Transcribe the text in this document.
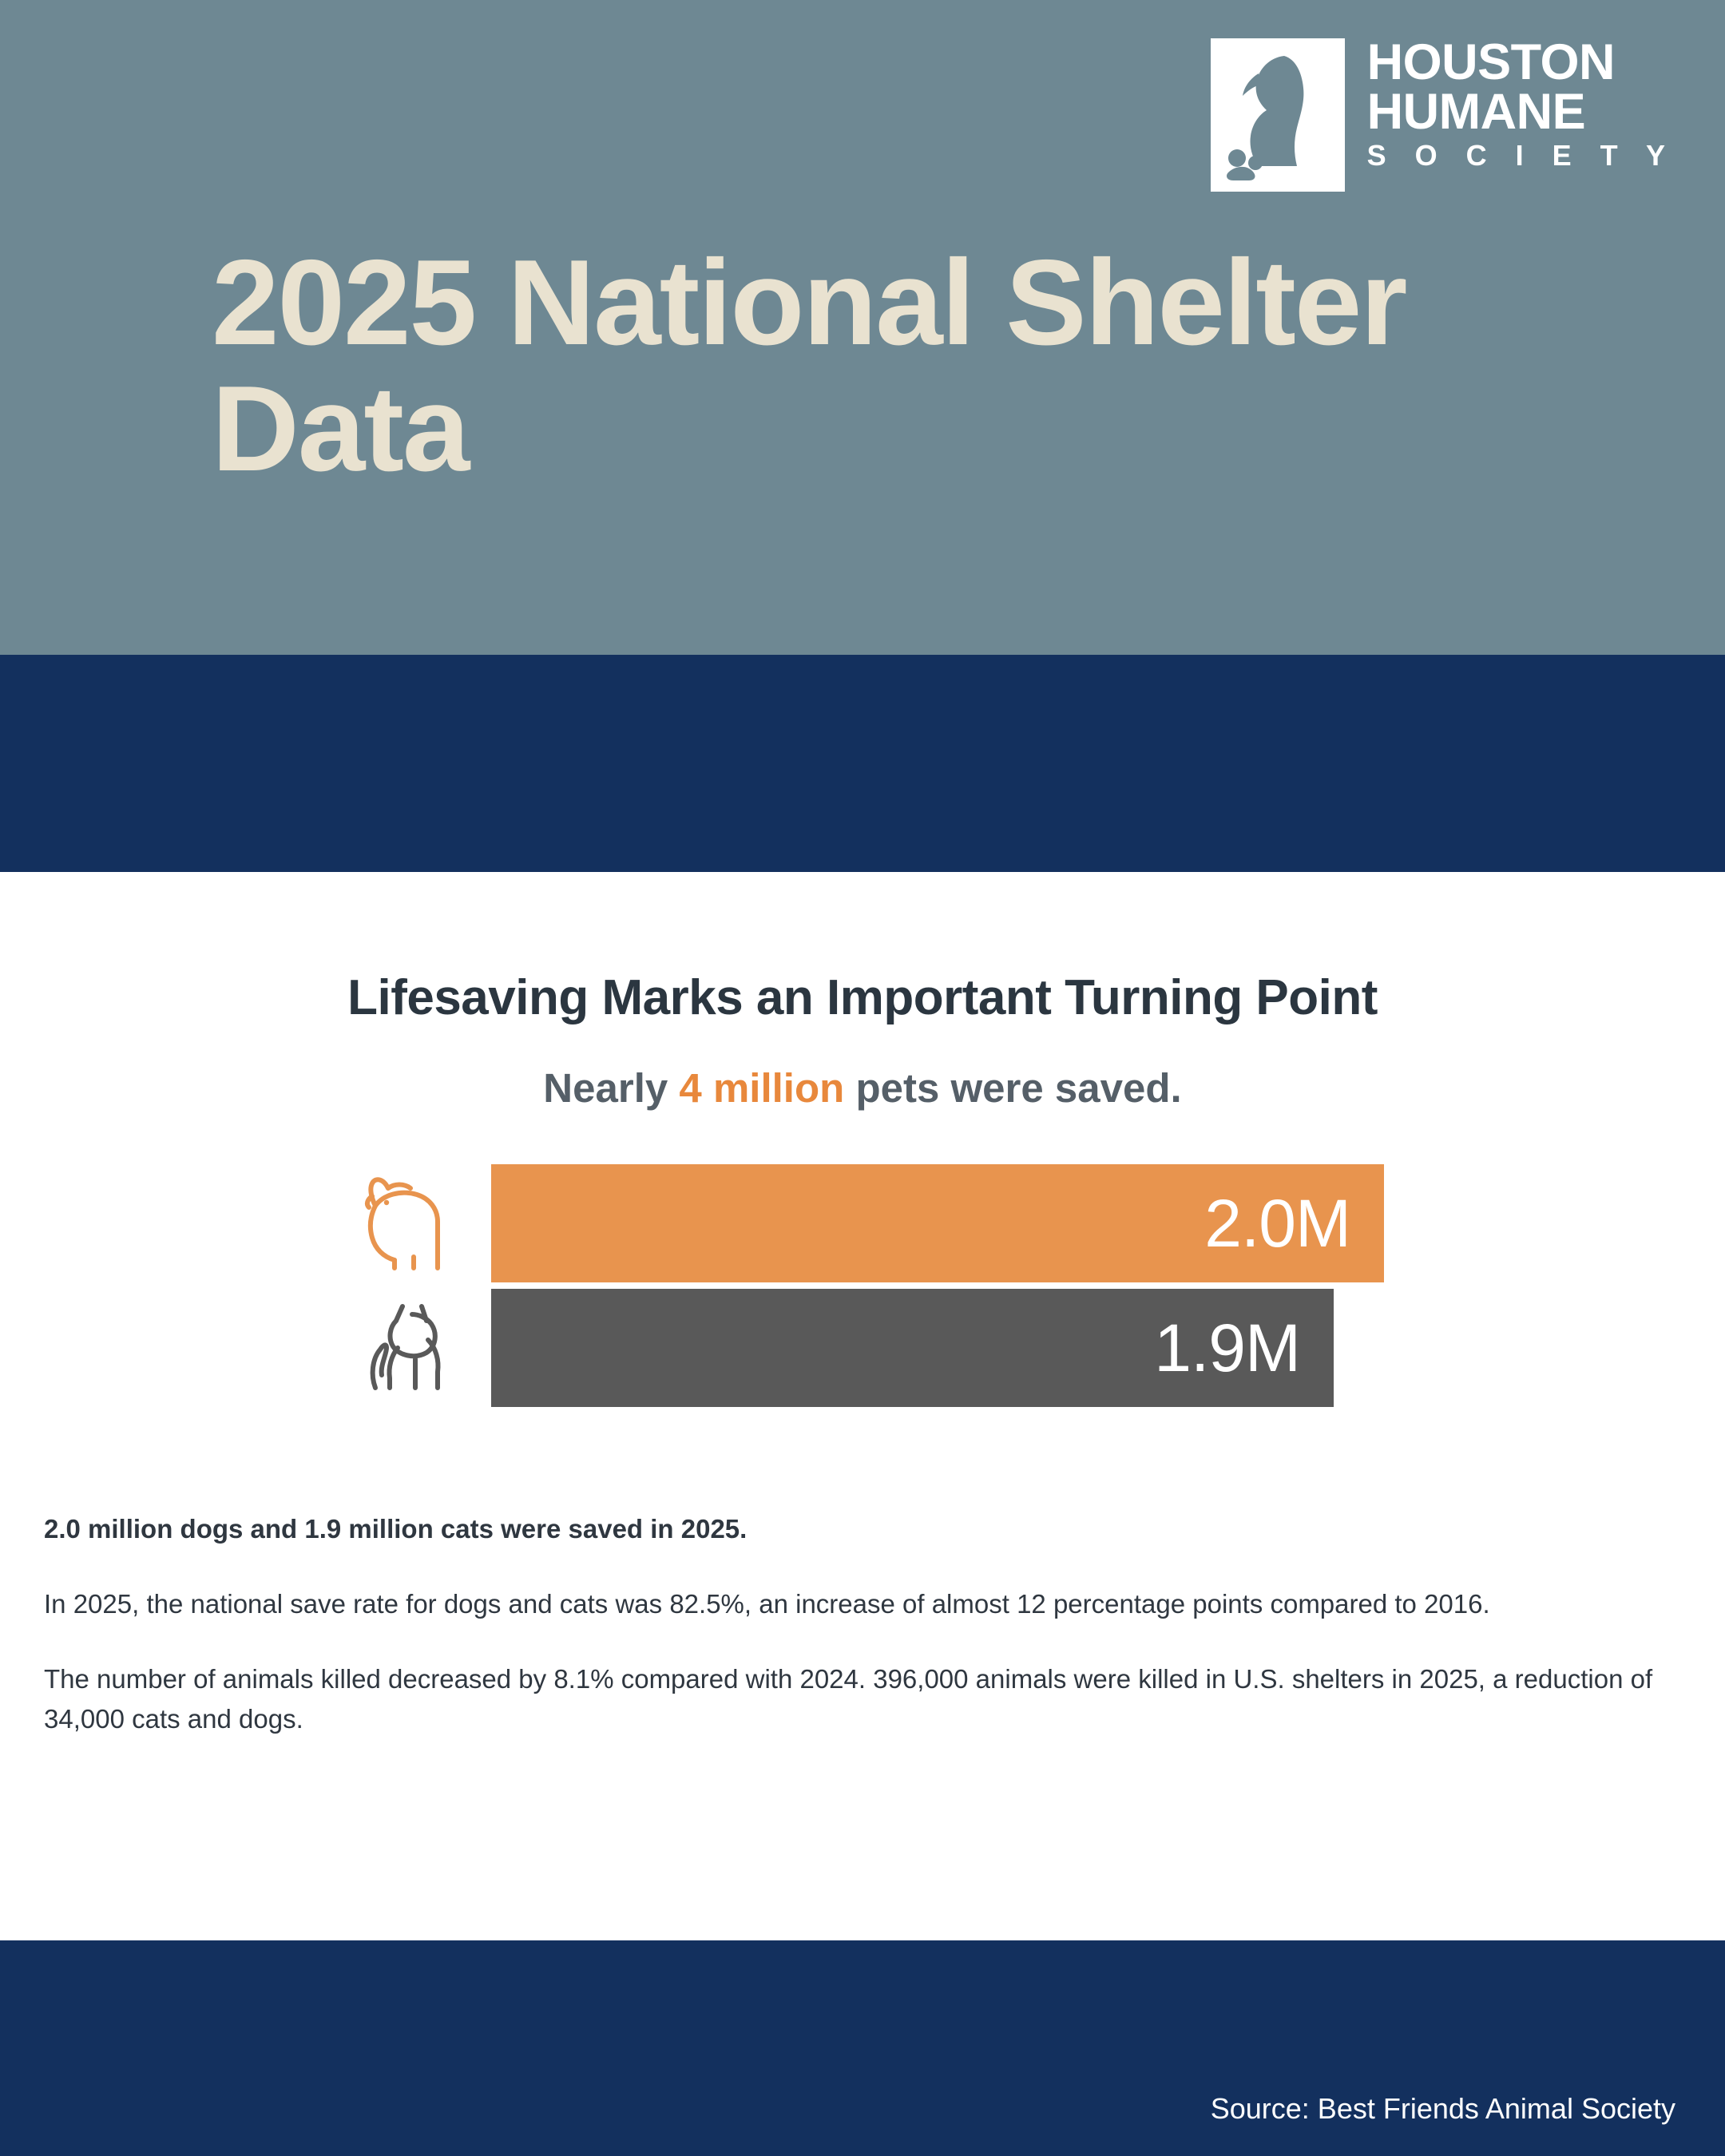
HOUSTON
HUMANE
S O C I E T Y
2025 National Shelter Data
Lifesaving Marks an Important Turning Point
Nearly 4 million pets were saved.
2.0M
1.9M

2.0 million dogs and 1.9 million cats were saved in 2025.

In 2025, the national save rate for dogs and cats was 82.5%, an increase of almost 12 percentage points compared to 2016.

The number of animals killed decreased by 8.1% compared with 2024. 396,000 animals were killed in U.S. shelters in 2025, a reduction of 34,000 cats and dogs.

Source: Best Friends Animal Society
